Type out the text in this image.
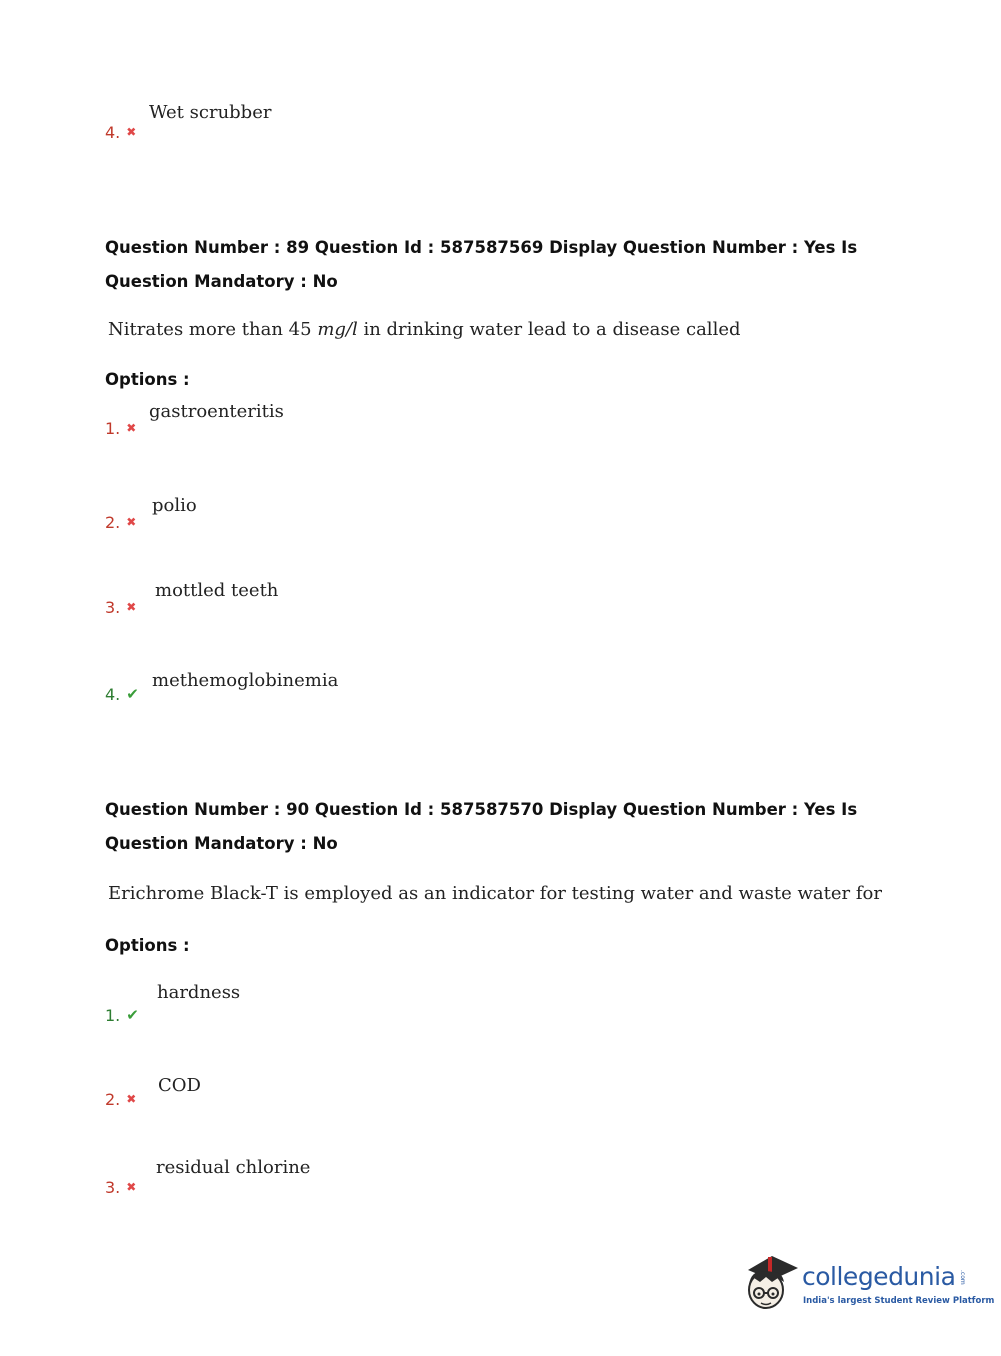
4. ✖
Wet scrubber
Question Number : 89 Question Id : 587587569 Display Question Number : Yes Is Question Mandatory : No
Nitrates more than 45 mg/l in drinking water lead to a disease called
Options :
1. ✖
gastroenteritis
2. ✖
polio
3. ✖
mottled teeth
4. ✔
methemoglobinemia
Question Number : 90 Question Id : 587587570 Display Question Number : Yes Is Question Mandatory : No
Erichrome Black-T is employed as an indicator for testing water and waste water for
Options :
1. ✔
hardness
2. ✖
COD
3. ✖
residual chlorine
collegedunia .com
India's largest Student Review Platform
